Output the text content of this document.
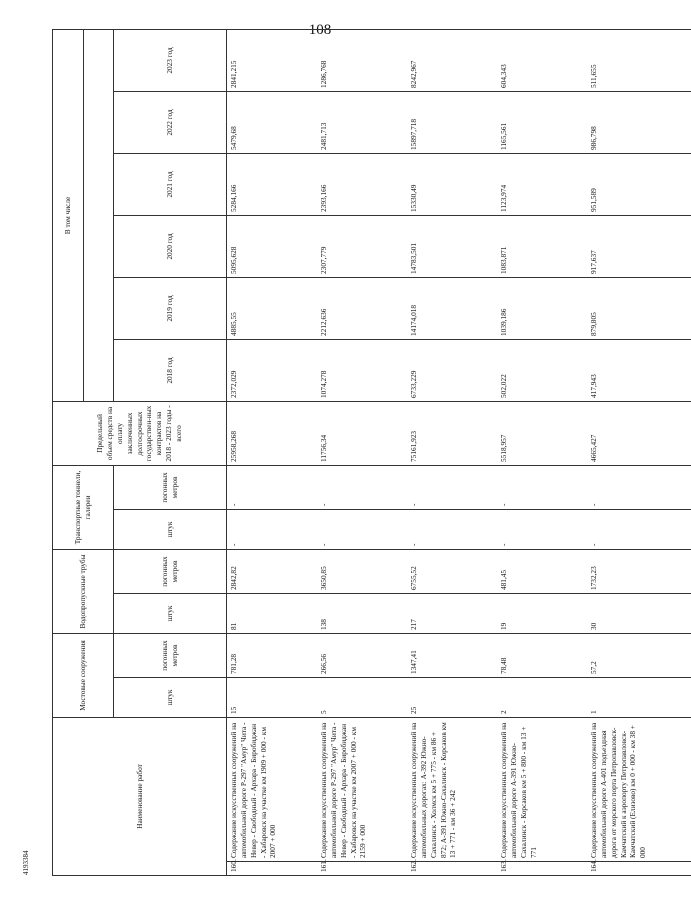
108
4193384
Наименование работ		Мостовые сооружения		Водопропускные трубы		Транспортные тоннели, галереи		Предельный объем средств на оплату заключенных долгосрочных государствен-ных контрактов на 2018 - 2023 годы - всего	В том числе					

		штук	погонных метров	штук	погонных метров	штук	погонных метров		2018 год	2019 год	2020 год	2021 год	2022 год	2023 год
160.	Содержание искусственных сооружений на автомобильной дороге Р-297 "Амур" Чита - Невер - Свободный - Архара - Биробиджан - Хабаровск на участке км 1909 + 000 - км 2007 + 000	15	781,28	81	2842,82	-	-	25958,268	2372,029	4885,55	5095,628	5284,166	5479,68	2841,215
161.	Содержание искусственных сооружений на автомобильной дороге Р-297 "Амур" Чита - Невер - Свободный - Архара - Биробиджан - Хабаровск на участке км 2007 + 000 - км 2159 + 000	5	266,56	138	3650,85	-	-	11756,34	1074,278	2212,636	2307,779	2393,166	2481,713	1286,768
162.	Содержание искусственных сооружений на автомобильных дорогах: А-392 Южно-Сахалинск - Холмск км 5 + 775 - км 86 + 872; А-391 Южно-Сахалинск - Корсаков км 13 + 771 - км 36 + 242	25	1347,41	217	6755,52	-	-	75161,923	6733,229	14174,018	14783,501	15330,49	15897,718	8242,967
163.	Содержание искусственных сооружений на автомобильной дороге А-391 Южно-Сахалинск - Корсаков км 5 + 800 - км 13 + 771	2	78,48	19	481,45	-	-	5518,957	502,022	1039,186	1083,871	1123,974	1165,561	604,343
164.	Содержание искусственных сооружений на автомобильной дороге А-401 подъездная дорога от морского порта Петропавловск-Камчатский к аэропорту Петропавловск-Камчатский (Елизово) км 0 + 000 - км 38 + 000	1	57,2	30	1732,23	-	-	4665,427	417,943	879,805	917,637	951,589	986,798	511,655
